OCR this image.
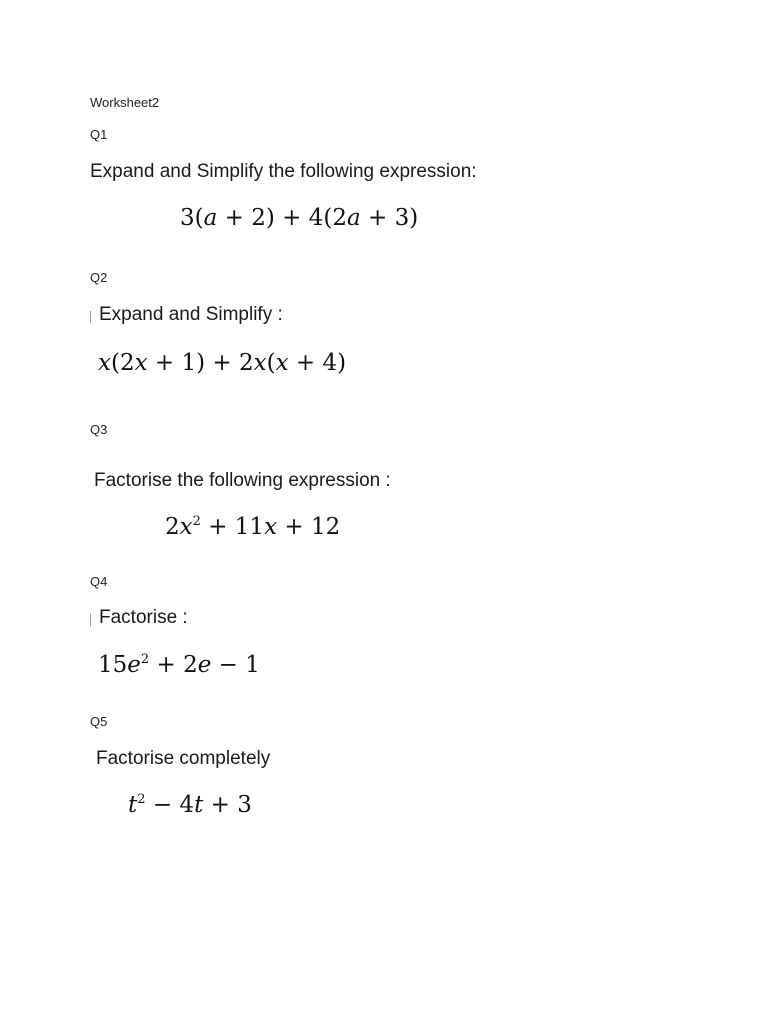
Worksheet2
Q1
Expand and Simplify the following expression:
3(a + 2) + 4(2a + 3)
Q2
Expand and Simplify :
x(2x + 1) + 2x(x + 4)
Q3
Factorise the following expression :
$2x^2 + 11x + 12$
Q4
Factorise :
$15e^2 + 2e - 1$
Q5
Factorise completely
$t^2 - 4t + 3$
